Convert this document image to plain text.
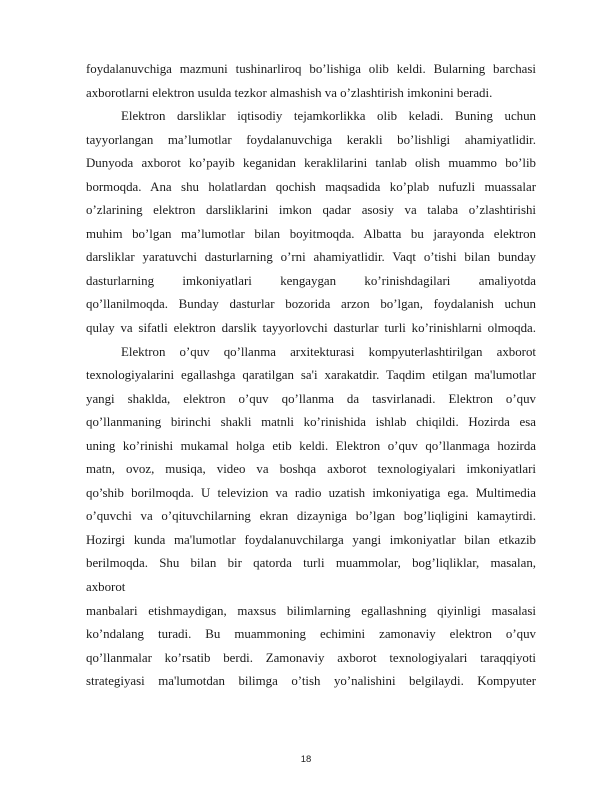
foydalanuvchiga mazmuni tushinarliroq bo’lishiga olib keldi. Bularning barchasi
axborotlarni elektron usulda tezkor almashish va o’zlashtirish imkonini beradi.
Elektron darsliklar iqtisodiy tejamkorlikka olib keladi. Buning uchun
tayyorlangan ma’lumotlar foydalanuvchiga kerakli bo’lishligi ahamiyatlidir.
Dunyoda axborot ko’payib keganidan keraklilarini tanlab olish muammo bo’lib
bormoqda. Ana shu holatlardan qochish maqsadida ko’plab nufuzli muassalar
o’zlarining elektron darsliklarini imkon qadar asosiy va talaba o’zlashtirishi
muhim bo’lgan ma’lumotlar bilan boyitmoqda. Albatta bu jarayonda elektron
darsliklar yaratuvchi dasturlarning o’rni ahamiyatlidir. Vaqt o’tishi bilan bunday
dasturlarning imkoniyatlari kengaygan ko’rinishdagilari amaliyotda
qo’llanilmoqda. Bunday dasturlar bozorida arzon bo’lgan, foydalanish uchun
qulay va sifatli elektron darslik tayyorlovchi dasturlar turli ko’rinishlarni olmoqda.
Elektron o’quv qo’llanma arxitekturasi kompyuterlashtirilgan axborot
texnologiyalarini egallashga qaratilgan sa'i xarakatdir. Taqdim etilgan ma'lumotlar
yangi shaklda, elektron o’quv qo’llanma da tasvirlanadi. Elektron o’quv
qo’llanmaning birinchi shakli matnli ko’rinishida ishlab chiqildi. Hozirda esa
uning ko’rinishi mukamal holga etib keldi. Elektron o’quv qo’llanmaga hozirda
matn, ovoz, musiqa, video va boshqa axborot texnologiyalari imkoniyatlari
qo’shib borilmoqda. U televizion va radio uzatish imkoniyatiga ega. Multimedia
o’quvchi va o’qituvchilarning ekran dizayniga bo’lgan bog’liqligini kamaytirdi.
Hozirgi kunda ma'lumotlar foydalanuvchilarga yangi imkoniyatlar bilan etkazib
berilmoqda. Shu bilan bir qatorda turli muammolar, bog’liqliklar, masalan,
axborot
manbalari etishmaydigan, maxsus bilimlarning egallashning qiyinligi masalasi
ko’ndalang turadi. Bu muammoning echimini zamonaviy elektron o’quv
qo’llanmalar ko’rsatib berdi. Zamonaviy axborot texnologiyalari taraqqiyoti
strategiyasi ma'lumotdan bilimga o’tish yo’nalishini belgilaydi. Kompyuter
18
